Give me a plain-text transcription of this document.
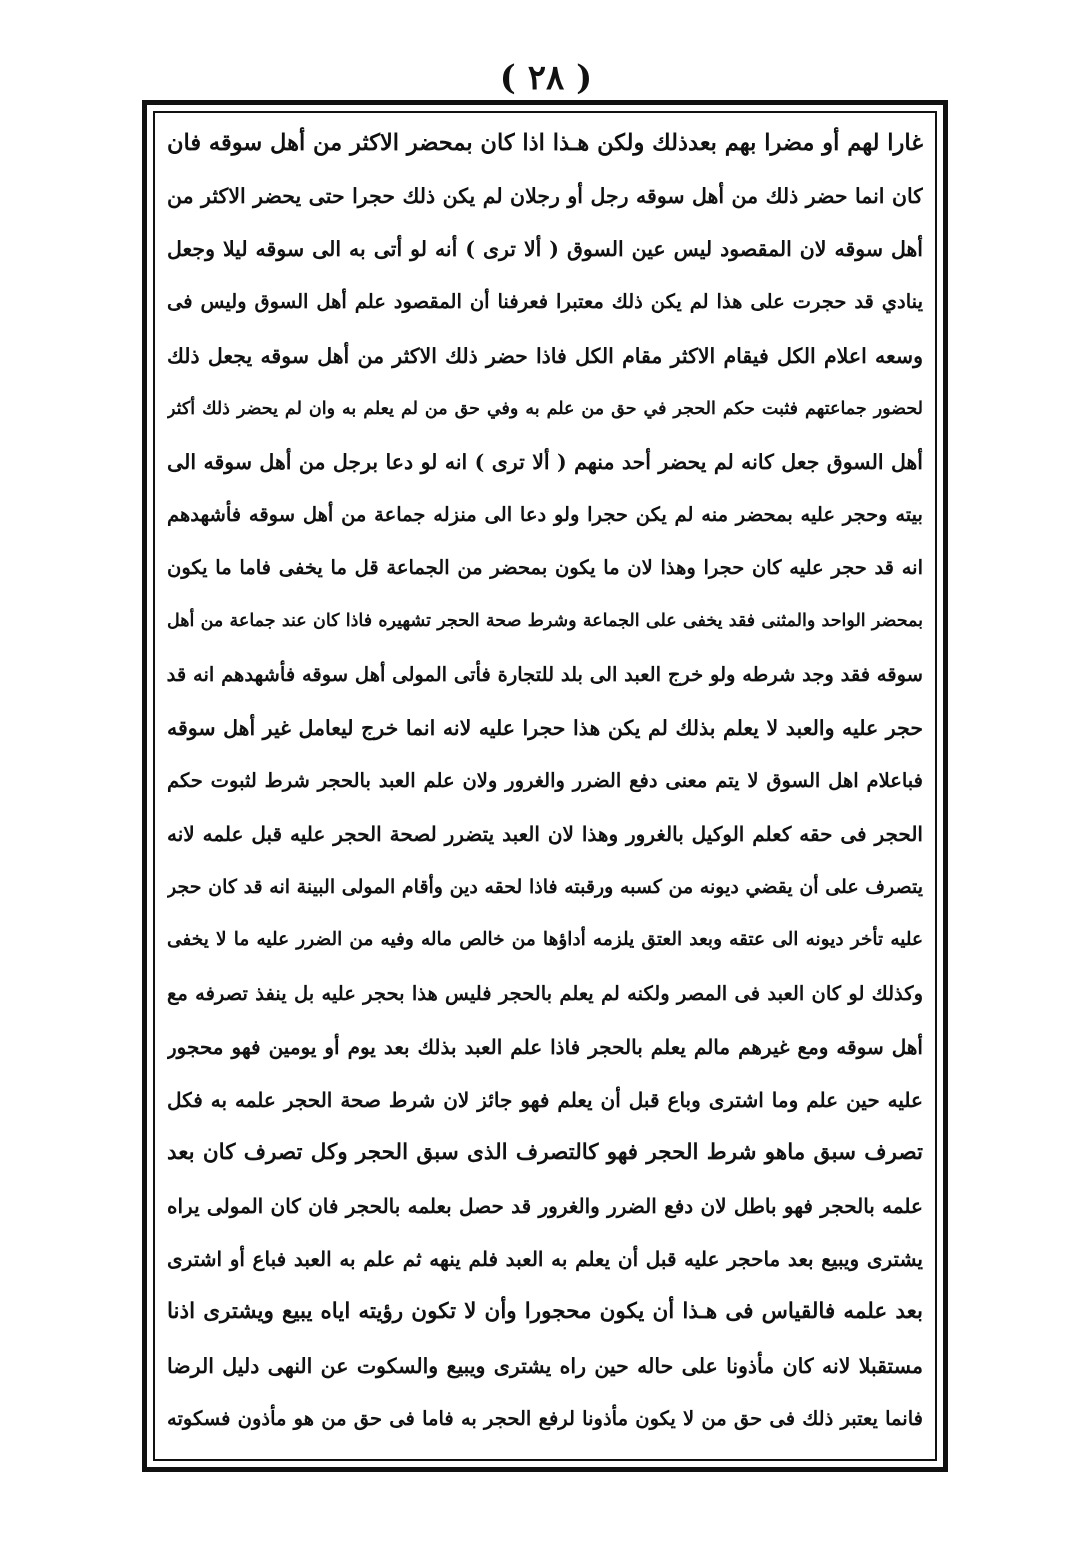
( ٢٨ )
غارا لهم أو مضرا بهم بعدذلك ولكن هـذا اذا كان بمحضر الاكثر من أهل سوقه فان
كان انما حضر ذلك من أهل سوقه رجل أو رجلان لم يكن ذلك حجرا حتى يحضر الاكثر من
أهل سوقه لان المقصود ليس عين السوق ( ألا ترى ) أنه لو أتى به الى سوقه ليلا وجعل
ينادي قد حجرت على هذا لم يكن ذلك معتبرا فعرفنا أن المقصود علم أهل السوق وليس فى
وسعه اعلام الكل فيقام الاكثر مقام الكل فاذا حضر ذلك الاكثر من أهل سوقه يجعل ذلك
لحضور جماعتهم فثبت حكم الحجر في حق من علم به وفي حق من لم يعلم به وان لم يحضر ذلك أكثر
أهل السوق جعل كانه لم يحضر أحد منهم ( ألا ترى ) انه لو دعا برجل من أهل سوقه الى
بيته وحجر عليه بمحضر منه لم يكن حجرا ولو دعا الى منزله جماعة من أهل سوقه فأشهدهم
انه قد حجر عليه كان حجرا وهذا لان ما يكون بمحضر من الجماعة قل ما يخفى فاما ما يكون
بمحضر الواحد والمثنى فقد يخفى على الجماعة وشرط صحة الحجر تشهيره فاذا كان عند جماعة من أهل
سوقه فقد وجد شرطه ولو خرج العبد الى بلد للتجارة فأتى المولى أهل سوقه فأشهدهم انه قد
حجر عليه والعبد لا يعلم بذلك لم يكن هذا حجرا عليه لانه انما خرج ليعامل غير أهل سوقه
فباعلام اهل السوق لا يتم معنى دفع الضرر والغرور ولان علم العبد بالحجر شرط لثبوت حكم
الحجر فى حقه كعلم الوكيل بالغرور وهذا لان العبد يتضرر لصحة الحجر عليه قبل علمه لانه
يتصرف على أن يقضي ديونه من كسبه ورقبته فاذا لحقه دين وأقام المولى البينة انه قد كان حجر
عليه تأخر ديونه الى عتقه وبعد العتق يلزمه أداؤها من خالص ماله وفيه من الضرر عليه ما لا يخفى
وكذلك لو كان العبد فى المصر ولكنه لم يعلم بالحجر فليس هذا بحجر عليه بل ينفذ تصرفه مع
أهل سوقه ومع غيرهم مالم يعلم بالحجر فاذا علم العبد بذلك بعد يوم أو يومين فهو محجور
عليه حين علم وما اشترى وباع قبل أن يعلم فهو جائز لان شرط صحة الحجر علمه به فكل
تصرف سبق ماهو شرط الحجر فهو كالتصرف الذى سبق الحجر وكل تصرف كان بعد
علمه بالحجر فهو باطل لان دفع الضرر والغرور قد حصل بعلمه بالحجر فان كان المولى يراه
يشترى ويبيع بعد ماحجر عليه قبل أن يعلم به العبد فلم ينهه ثم علم به العبد فباع أو اشترى
بعد علمه فالقياس فى هـذا أن يكون محجورا وأن لا تكون رؤيته اياه يبيع ويشترى اذنا
مستقبلا لانه كان مأذونا على حاله حين راه يشترى ويبيع والسكوت عن النهى دليل الرضا
فانما يعتبر ذلك فى حق من لا يكون مأذونا لرفع الحجر به فاما فى حق من هو مأذون فسكوته
